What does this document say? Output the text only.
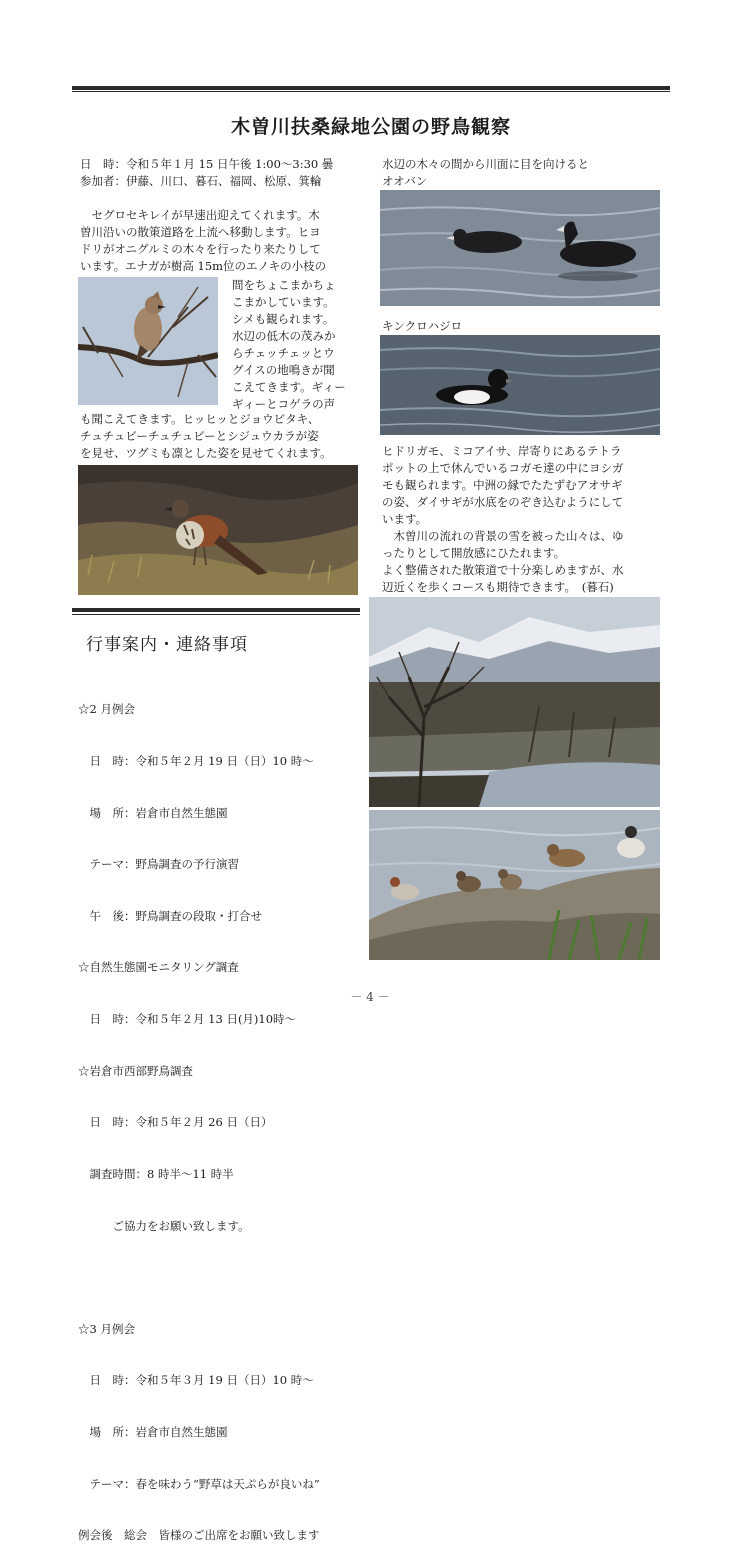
木曽川扶桑緑地公園の野鳥観察
日　時：令和５年１月 15 日午後 1:00〜3:30 曇
参加者：伊藤、川口、暮石、福岡、松原、箕輪
　セグロセキレイが早速出迎えてくれます。木
曽川沿いの散策道路を上流へ移動します。ヒヨ
ドリがオニグルミの木々を行ったり来たりして
います。エナガが樹高 15m位のエノキの小枝の
間をちょこまかちょ
こまかしています。
シメも観られます。
水辺の低木の茂みか
らチェッチェッとウ
グイスの地鳴きが聞
こえてきます。ギィー
ギィーとコゲラの声
も聞こえてきます。ヒッヒッとジョウビタキ、
チュチュビーチュチュビーとシジュウカラが姿
を見せ、ツグミも凛とした姿を見せてくれます。
水辺の木々の間から川面に目を向けると
オオバン
キンクロハジロ
ヒドリガモ、ミコアイサ、岸寄りにあるテトラ
ポットの上で休んでいるコガモ達の中にヨシガ
モも観られます。中洲の縁でたたずむアオサギ
の姿、ダイサギが水底をのぞき込むようにして
います。
　木曽川の流れの背景の雪を被った山々は、ゆ
ったりとして開放感にひたれます。
よく整備された散策道で十分楽しめますが、水
辺近くを歩くコースも期待できます。　(暮石)
行事案内・連絡事項

☆2 月例会

　日　時：令和５年２月 19 日（日）10 時〜

　場　所：岩倉市自然生態園

　テーマ：野鳥調査の予行演習

　午　後：野鳥調査の段取・打合せ

☆自然生態園モニタリング調査

　日　時：令和５年２月 13 日(月)10時〜

☆岩倉市西部野鳥調査

　日　時：令和５年２月 26 日（日）

　調査時間：8 時半〜11 時半

　　　ご協力をお願い致します。

☆3 月例会

　日　時：令和５年３月 19 日（日）10 時〜

　場　所：岩倉市自然生態園

　テーマ：春を味わう“野草は天ぷらが良いね”

例会後　総会　皆様のご出席をお願い致します

－ 4 －
